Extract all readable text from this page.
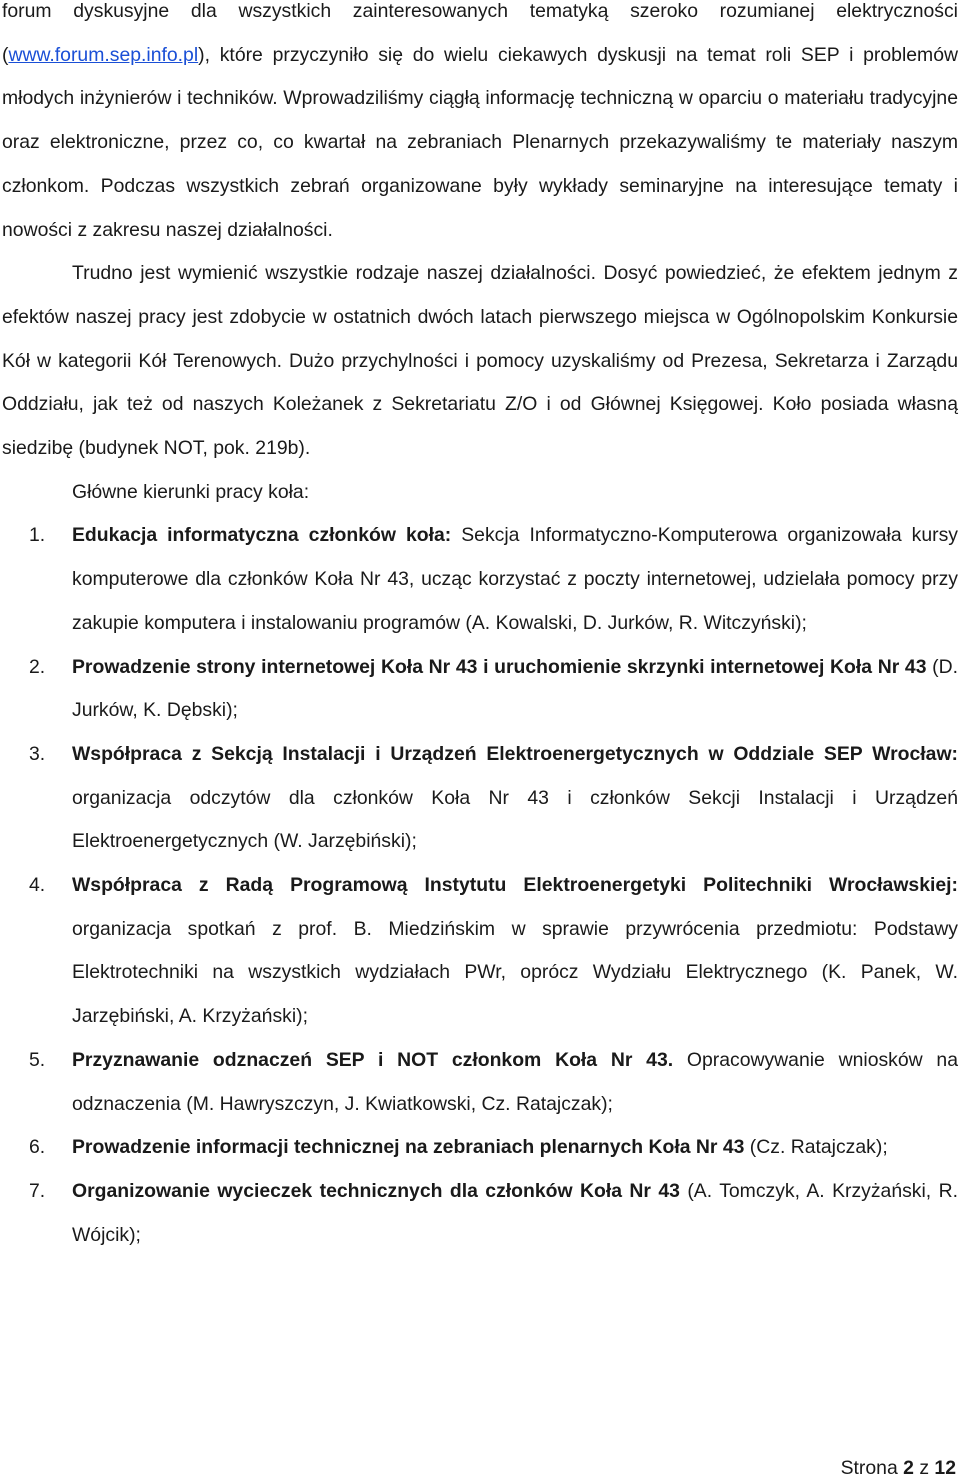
forum dyskusyjne dla wszystkich zainteresowanych tematyką szeroko rozumianej elektryczności (www.forum.sep.info.pl), które przyczyniło się do wielu ciekawych dyskusji na temat roli SEP i problemów młodych inżynierów i techników. Wprowadziliśmy ciągłą informację techniczną w oparciu o materiału tradycyjne oraz elektroniczne, przez co, co kwartał na zebraniach Plenarnych przekazywaliśmy te materiały naszym członkom. Podczas wszystkich zebrań organizowane były wykłady seminaryjne na interesujące tematy i nowości z zakresu naszej działalności.

Trudno jest wymienić wszystkie rodzaje naszej działalności. Dosyć powiedzieć, że efektem jednym z efektów naszej pracy jest zdobycie w ostatnich dwóch latach pierwszego miejsca w Ogólnopolskim Konkursie Kół w kategorii Kół Terenowych. Dużo przychylności i pomocy uzyskaliśmy od Prezesa, Sekretarza i Zarządu Oddziału, jak też od naszych Koleżanek z Sekretariatu Z/O i od Głównej Księgowej. Koło posiada własną siedzibę (budynek NOT, pok. 219b).

Główne kierunki pracy koła:

1. Edukacja informatyczna członków koła: Sekcja Informatyczno-Komputerowa organizowała kursy komputerowe dla członków Koła Nr 43, ucząc korzystać z poczty internetowej, udzielała pomocy przy zakupie komputera i instalowaniu programów (A. Kowalski, D. Jurków, R. Witczyński);
2. Prowadzenie strony internetowej Koła Nr 43 i uruchomienie skrzynki internetowej Koła Nr 43 (D. Jurków, K. Dębski);
3. Współpraca z Sekcją Instalacji i Urządzeń Elektroenergetycznych w Oddziale SEP Wrocław: organizacja odczytów dla członków Koła Nr 43 i członków Sekcji Instalacji i Urządzeń Elektroenergetycznych (W. Jarzębiński);
4. Współpraca z Radą Programową Instytutu Elektroenergetyki Politechniki Wrocławskiej: organizacja spotkań z prof. B. Miedzińskim w sprawie przywrócenia przedmiotu: Podstawy Elektrotechniki na wszystkich wydziałach PWr, oprócz Wydziału Elektrycznego (K. Panek, W. Jarzębiński, A. Krzyżański);
5. Przyznawanie odznaczeń SEP i NOT członkom Koła Nr 43. Opracowywanie wniosków na odznaczenia (M. Hawryszczyn, J. Kwiatkowski, Cz. Ratajczak);
6. Prowadzenie informacji technicznej na zebraniach plenarnych Koła Nr 43 (Cz. Ratajczak);
7. Organizowanie wycieczek technicznych dla członków Koła Nr 43 (A. Tomczyk, A. Krzyżański, R. Wójcik);
Strona 2 z 12
